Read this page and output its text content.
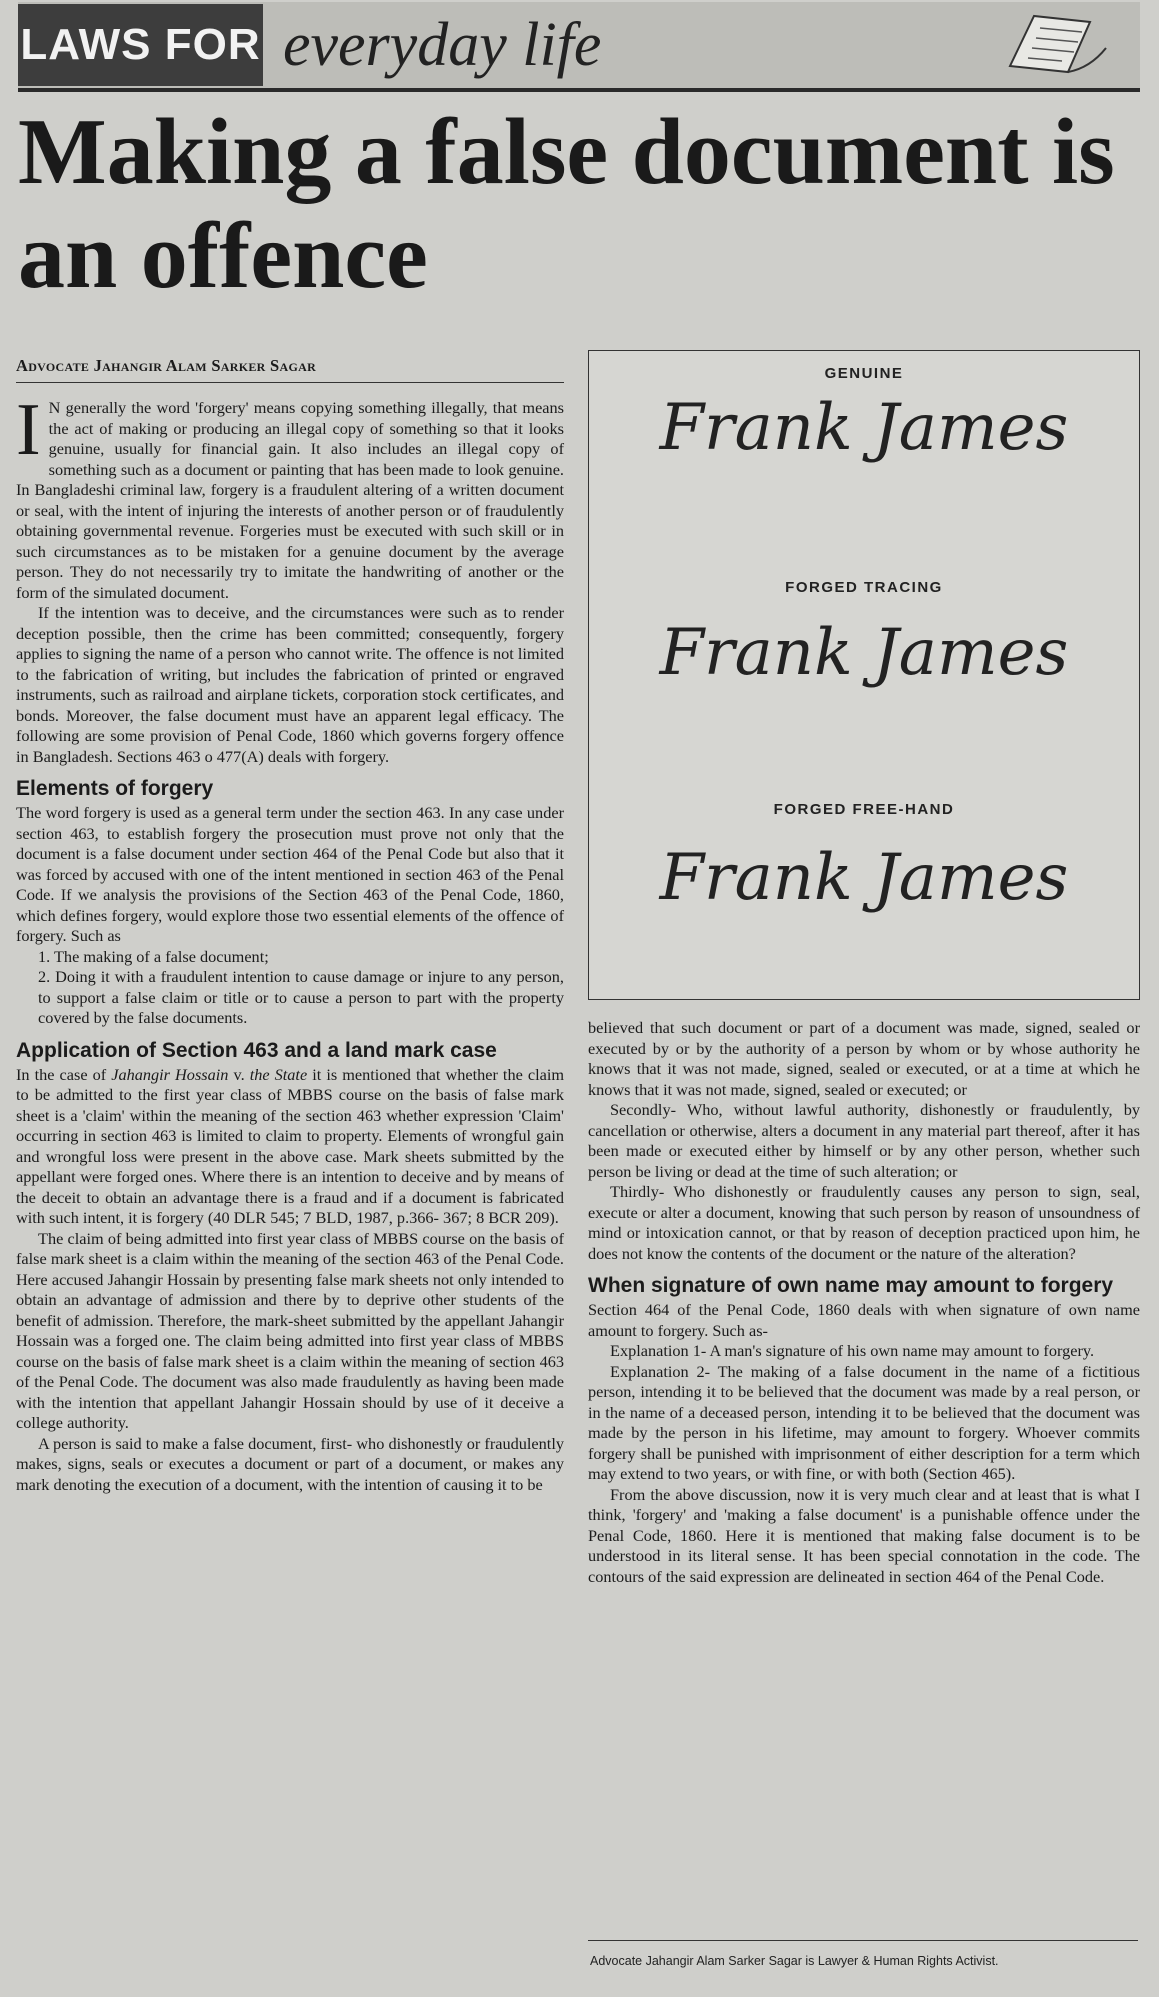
LAWS FOR everyday life
Making a false document is an offence
Advocate Jahangir Alam Sarker Sagar

I N generally the word 'forgery' means copying something illegally, that means the act of making or producing an illegal copy of something so that it looks genuine, usually for financial gain. It also includes an illegal copy of something such as a document or painting that has been made to look genuine. In Bangladeshi criminal law, forgery is a fraudulent altering of a written document or seal, with the intent of injuring the interests of another person or of fraudulently obtaining governmental revenue. Forgeries must be executed with such skill or in such circumstances as to be mistaken for a genuine document by the average person. They do not necessarily try to imitate the handwriting of another or the form of the simulated document.

If the intention was to deceive, and the circumstances were such as to render deception possible, then the crime has been committed; consequently, forgery applies to signing the name of a person who cannot write. The offence is not limited to the fabrication of writing, but includes the fabrication of printed or engraved instruments, such as railroad and airplane tickets, corporation stock certificates, and bonds. Moreover, the false document must have an apparent legal efficacy. The following are some provision of Penal Code, 1860 which governs forgery offence in Bangladesh. Sections 463 o 477(A) deals with forgery.

Elements of forgery

The word forgery is used as a general term under the section 463. In any case under section 463, to establish forgery the prosecution must prove not only that the document is a false document under section 464 of the Penal Code but also that it was forced by accused with one of the intent mentioned in section 463 of the Penal Code. If we analysis the provisions of the Section 463 of the Penal Code, 1860, which defines forgery, would explore those two essential elements of the offence of forgery. Such as

1. The making of a false document;

2. Doing it with a fraudulent intention to cause damage or injure to any person, to support a false claim or title or to cause a person to part with the property covered by the false documents.

Application of Section 463 and a land mark case

In the case of Jahangir Hossain v. the State it is mentioned that whether the claim to be admitted to the first year class of MBBS course on the basis of false mark sheet is a 'claim' within the meaning of the section 463 whether expression 'Claim' occurring in section 463 is limited to claim to property. Elements of wrongful gain and wrongful loss were present in the above case. Mark sheets submitted by the appellant were forged ones. Where there is an intention to deceive and by means of the deceit to obtain an advantage there is a fraud and if a document is fabricated with such intent, it is forgery (40 DLR 545; 7 BLD, 1987, p.366- 367; 8 BCR 209).

The claim of being admitted into first year class of MBBS course on the basis of false mark sheet is a claim within the meaning of the section 463 of the Penal Code. Here accused Jahangir Hossain by presenting false mark sheets not only intended to obtain an advantage of admission and there by to deprive other students of the benefit of admission. Therefore, the mark-sheet submitted by the appellant Jahangir Hossain was a forged one. The claim being admitted into first year class of MBBS course on the basis of false mark sheet is a claim within the meaning of section 463 of the Penal Code. The document was also made fraudulently as having been made with the intention that appellant Jahangir Hossain should by use of it deceive a college authority.

A person is said to make a false document, first- who dishonestly or fraudulently makes, signs, seals or executes a document or part of a document, or makes any mark denoting the execution of a document, with the intention of causing it to be

GENUINE
Frank James
FORGED TRACING
Frank James
FORGED FREE-HAND
Frank James

believed that such document or part of a document was made, signed, sealed or executed by or by the authority of a person by whom or by whose authority he knows that it was not made, signed, sealed or executed, or at a time at which he knows that it was not made, signed, sealed or executed; or

Secondly- Who, without lawful authority, dishonestly or fraudulently, by cancellation or otherwise, alters a document in any material part thereof, after it has been made or executed either by himself or by any other person, whether such person be living or dead at the time of such alteration; or

Thirdly- Who dishonestly or fraudulently causes any person to sign, seal, execute or alter a document, knowing that such person by reason of unsoundness of mind or intoxication cannot, or that by reason of deception practiced upon him, he does not know the contents of the document or the nature of the alteration?

When signature of own name may amount to forgery

Section 464 of the Penal Code, 1860 deals with when signature of own name amount to forgery. Such as-

Explanation 1- A man's signature of his own name may amount to forgery.

Explanation 2- The making of a false document in the name of a fictitious person, intending it to be believed that the document was made by a real person, or in the name of a deceased person, intending it to be believed that the document was made by the person in his lifetime, may amount to forgery. Whoever commits forgery shall be punished with imprisonment of either description for a term which may extend to two years, or with fine, or with both (Section 465).

From the above discussion, now it is very much clear and at least that is what I think, 'forgery' and 'making a false document' is a punishable offence under the Penal Code, 1860. Here it is mentioned that making false document is to be understood in its literal sense. It has been special connotation in the code. The contours of the said expression are delineated in section 464 of the Penal Code.

Advocate Jahangir Alam Sarker Sagar is Lawyer & Human Rights Activist.
